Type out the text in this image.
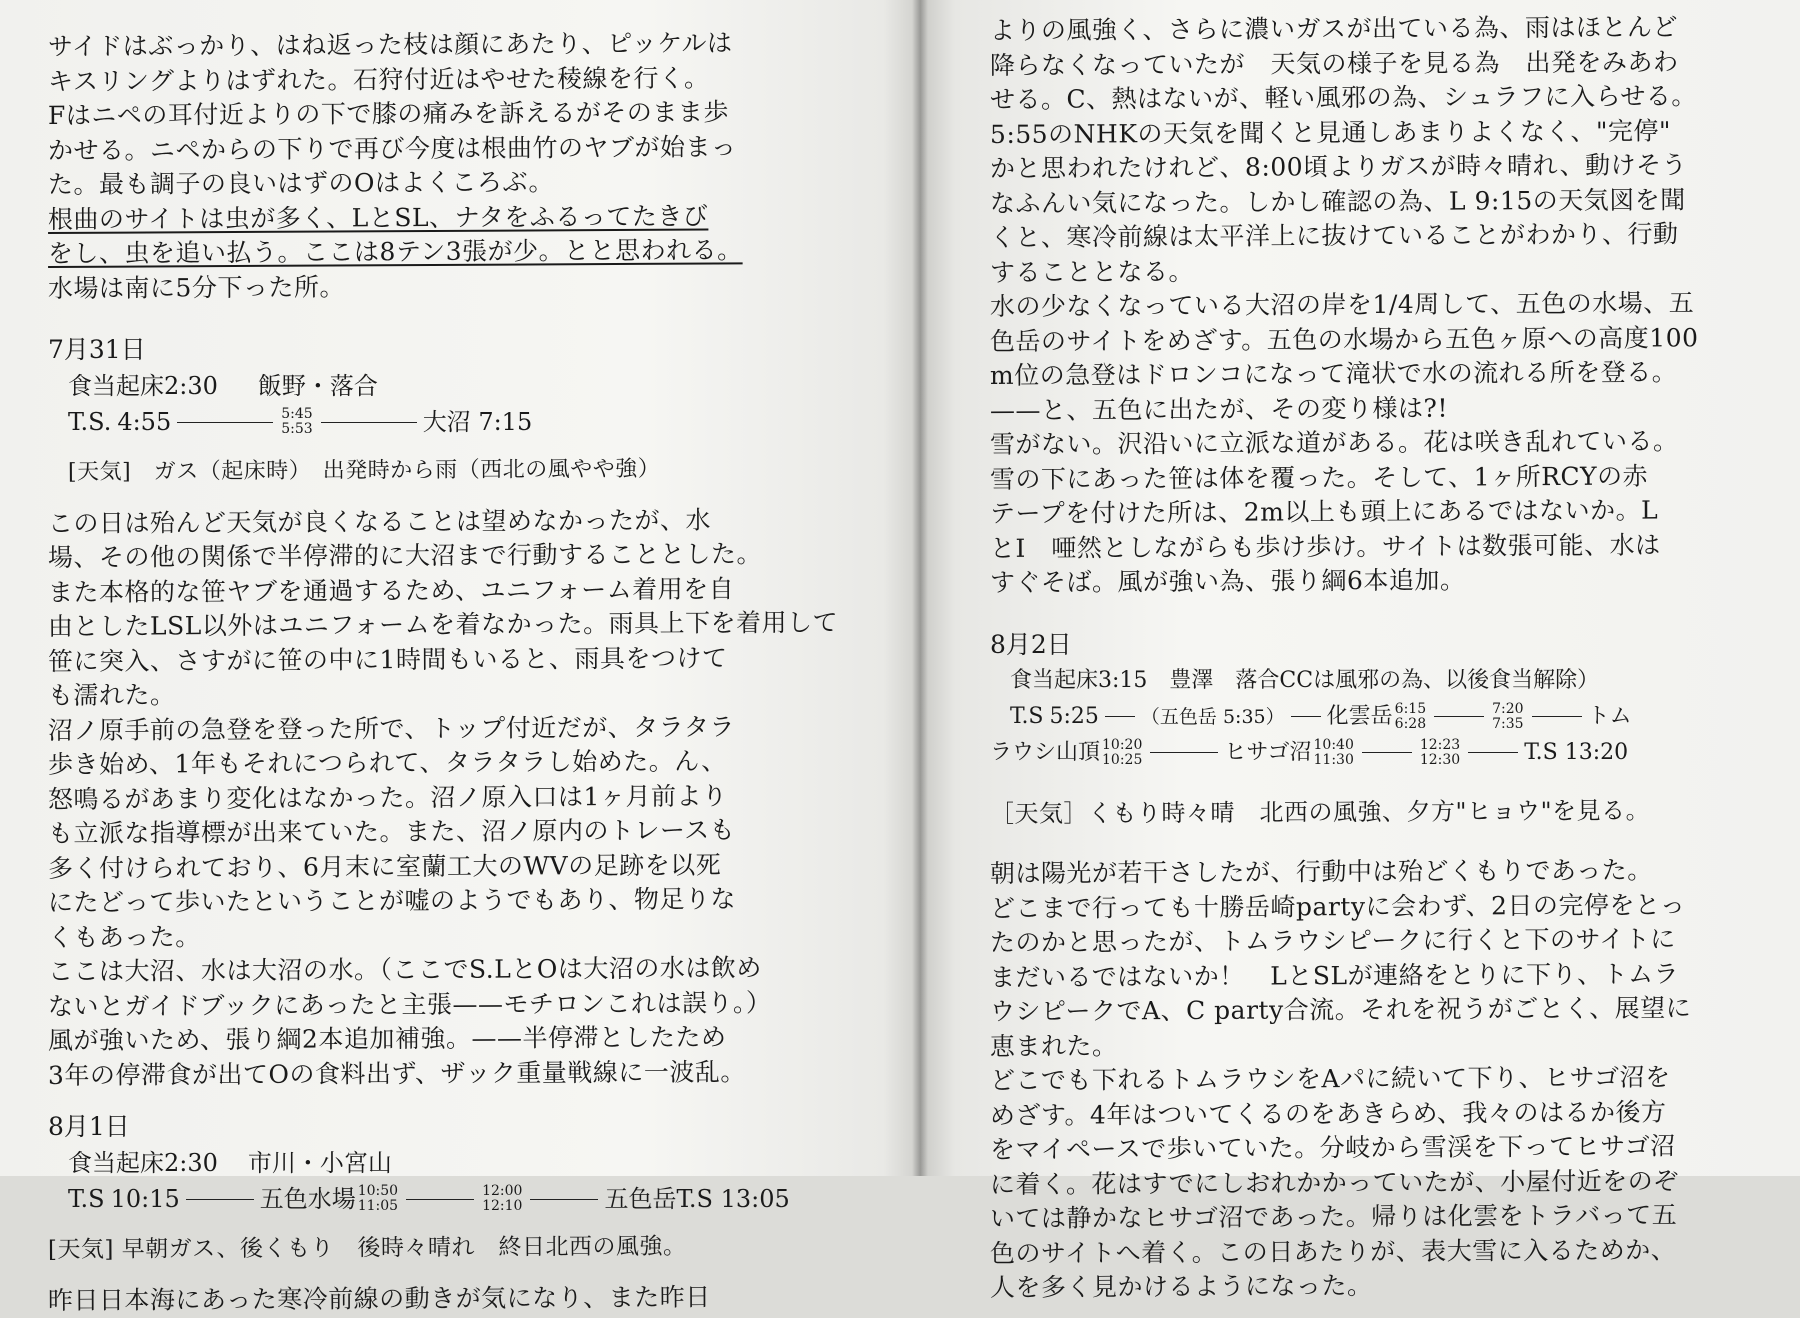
サイドはぶっかり、はね返った枝は顔にあたり、ピッケルは
キスリングよりはずれた。石狩付近はやせた稜線を行く。
Fはニペの耳付近よりの下で膝の痛みを訴えるがそのまま歩
かせる。ニペからの下りで再び今度は根曲竹のヤブが始まっ
た。最も調子の良いはずのOはよくころぶ。
根曲のサイトは虫が多く、LとSL、ナタをふるってたきび
をし、虫を追い払う。ここは8テン3張が少。とと思われる。
水場は南に5分下った所。
7月31日
食当起床2:30 飯野・落合
T.S. 4:55	5:45
5:53	大沼 7:15
[天気]　ガス（起床時）　出発時から雨（西北の風やや強）
この日は殆んど天気が良くなることは望めなかったが、水
場、その他の関係で半停滞的に大沼まで行動することとした。
また本格的な笹ヤブを通過するため、ユニフォーム着用を自
由としたLSL以外はユニフォームを着なかった。雨具上下を着用して
笹に突入、さすがに笹の中に1時間もいると、雨具をつけて
も濡れた。
沼ノ原手前の急登を登った所で、トップ付近だが、タラタラ
歩き始め、1年もそれにつられて、タラタラし始めた。ん、
怒鳴るがあまり変化はなかった。沼ノ原入口は1ヶ月前より
も立派な指導標が出来ていた。また、沼ノ原内のトレースも
多く付けられており、6月末に室蘭工大のWVの足跡を以死
にたどって歩いたということが嘘のようでもあり、物足りな
くもあった。
ここは大沼、水は大沼の水。（ここでS.LとOは大沼の水は飲め
ないとガイドブックにあったと主張——モチロンこれは誤り。）
風が強いため、張り綱2本追加補強。——半停滞としたため
3年の停滞食が出てOの食料出ず、ザック重量戦線に一波乱。
8月1日
食当起床2:30 市川・小宮山
T.S 10:15	五色水場 10:50
11:05
12:00
12:10	五色岳T.S 13:05
[天気] 早朝ガス、後くもり　後時々晴れ　終日北西の風強。
昨日日本海にあった寒冷前線の動きが気になり、また昨日
よりの風強く、さらに濃いガスが出ている為、雨はほとんど
降らなくなっていたが　天気の様子を見る為　出発をみあわ
せる。C、熱はないが、軽い風邪の為、シュラフに入らせる。
5:55のNHKの天気を聞くと見通しあまりよくなく、"完停"
かと思われたけれど、8:00頃よりガスが時々晴れ、動けそう
なふんい気になった。しかし確認の為、L 9:15の天気図を聞
くと、寒冷前線は太平洋上に抜けていることがわかり、行動
することとなる。
水の少なくなっている大沼の岸を1/4周して、五色の水場、五
色岳のサイトをめざす。五色の水場から五色ヶ原への高度100
m位の急登はドロンコになって滝状で水の流れる所を登る。
——と、五色に出たが、その変り様は?!
雪がない。沢沿いに立派な道がある。花は咲き乱れている。
雪の下にあった笹は体を覆った。そして、1ヶ所RCYの赤
テープを付けた所は、2m以上も頭上にあるではないか。L
とI　唖然としながらも歩け歩け。サイトは数張可能、水は
すぐそば。風が強い為、張り綱6本追加。
8月2日
食当起床3:15　豊澤　落合CCは風邪の為、以後食当解除）
T.S 5:25 （五色岳 5:35） 化雲岳 6:15
6:28
7:20
7:35	トム
ラウシ山頂 10:20
10:25	ヒサゴ沼 10:40
11:30
12:23
12:30	T.S 13:20
［天気］くもり時々晴　北西の風強、夕方"ヒョウ"を見る。
朝は陽光が若干さしたが、行動中は殆どくもりであった。
どこまで行っても十勝岳崎partyに会わず、2日の完停をとっ
たのかと思ったが、トムラウシピークに行くと下のサイトに
まだいるではないか！　LとSLが連絡をとりに下り、トムラ
ウシピークでA、C party合流。それを祝うがごとく、展望に
恵まれた。
どこでも下れるトムラウシをAパに続いて下り、ヒサゴ沼を
めざす。4年はついてくるのをあきらめ、我々のはるか後方
をマイペースで歩いていた。分岐から雪渓を下ってヒサゴ沼
に着く。花はすでにしおれかかっていたが、小屋付近をのぞ
いては静かなヒサゴ沼であった。帰りは化雲をトラバって五
色のサイトへ着く。この日あたりが、表大雪に入るためか、
人を多く見かけるようになった。
